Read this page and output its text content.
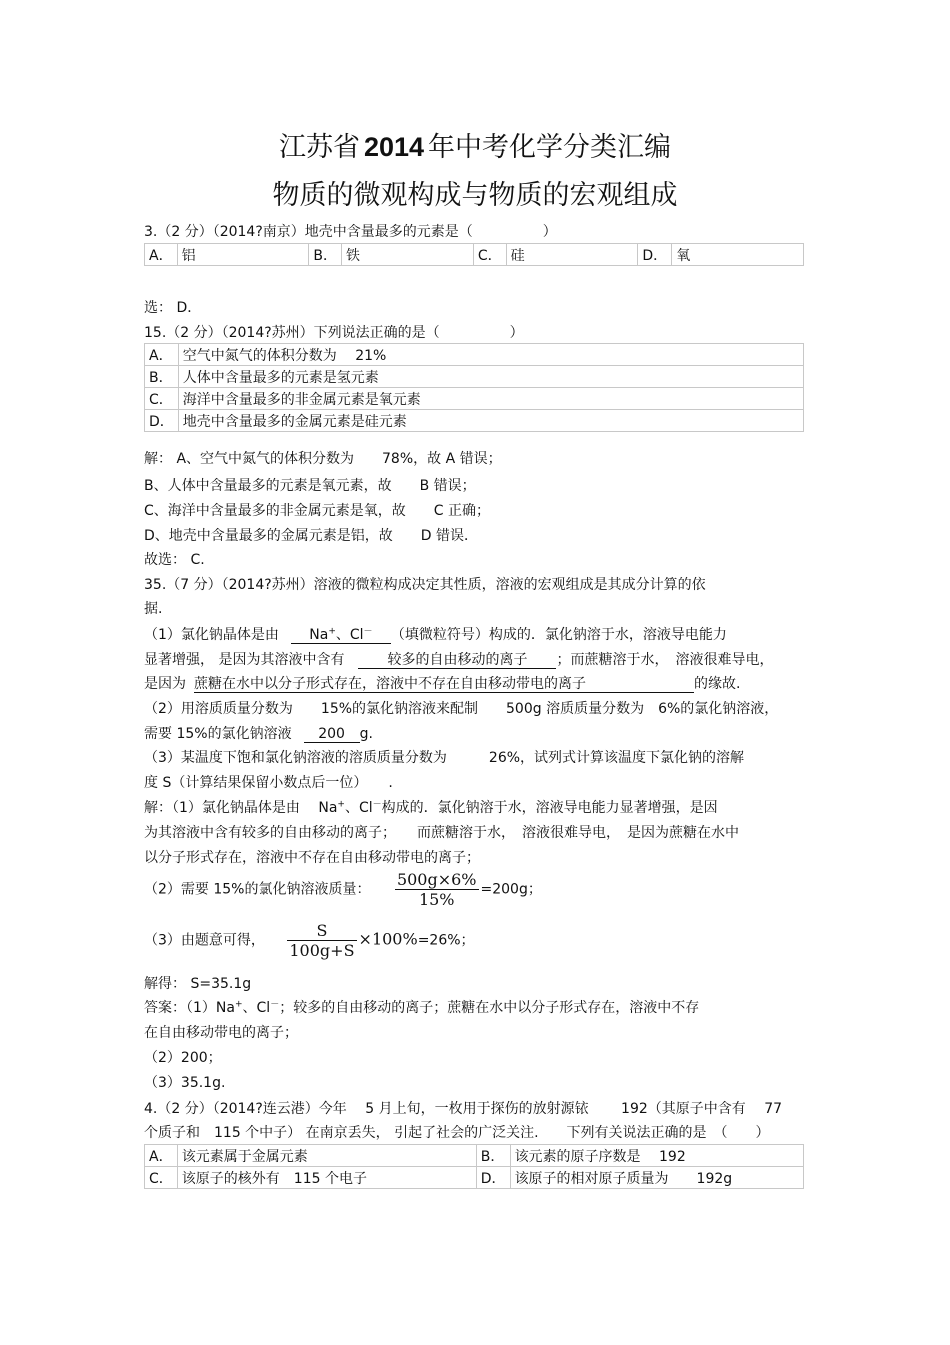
江苏省 2014 年中考化学分类汇编
物质的微观构成与物质的宏观组成
3.（2 分）（2014?南京）地壳中含量最多的元素是（　　　　　）
A．	铝	B．	铁	C．	硅	D．	氧
选： D．
15.（2 分）（2014?苏州）下列说法正确的是（　　　　　）
A．	空气中氮气的体积分数为　 21%
B．	人体中含量最多的元素是氢元素
C．	海洋中含量最多的非金属元素是氧元素
D．	地壳中含量最多的金属元素是硅元素
解： A、空气中氮气的体积分数为　　78%，故 A 错误；
B、人体中含量最多的元素是氧元素，故　　B 错误；
C、海洋中含量最多的非金属元素是氧，故　　C 正确；
D、地壳中含量最多的金属元素是铝，故　　D 错误．
故选： C.
35.（7 分）（2014?苏州）溶液的微粒构成决定其性质，溶液的宏观组成是其成分计算的依
据.
（1）氯化钠晶体是由 Na+、Cl－ （填微粒符号）构成的．氯化钠溶于水，溶液导电能力
显著增强， 是因为其溶液中含有	较多的自由移动的离子 ；而蔗糖溶于水，　溶液很难导电，
是因为 蔗糖在水中以分子形式存在，溶液中不存在自由移动带电的离子	的缘故.
（2）用溶质质量分数为　　15%的氯化钠溶液来配制　　500g 溶质质量分数为　6%的氯化钠溶液，
需要 15%的氯化钠溶液 200 g.
（3）某温度下饱和氯化钠溶液的溶质质量分数为　　　26%，试列式计算该温度下氯化钠的溶解
度 S（计算结果保留小数点后一位）　　.
解：（1）氯化钠晶体是由　 Na+、Cl－构成的．氯化钠溶于水，溶液导电能力显著增强，是因
为其溶液中含有较多的自由移动的离子；　　而蔗糖溶于水，　溶液很难导电，　是因为蔗糖在水中
以分子形式存在，溶液中不存在自由移动带电的离子；
（2）需要 15%的氯化钠溶液质量： $\frac{500g\times 6\%}{15\%} =200g$；
（3）由题意可得， $\frac{S}{100g+S} \times 100\%=26\%$；
解得： S=35.1g
答案：（1）Na+、Cl－；较多的自由移动的离子；蔗糖在水中以分子形式存在，溶液中不存
在自由移动带电的离子；
（2）200；
（3）35.1g.
4.（2 分）（2014?连云港）今年　 5 月上旬，一枚用于探伤的放射源铱　　 192（其原子中含有　 77
个质子和　115 个中子） 在南京丢失， 引起了社会的广泛关注.　　下列有关说法正确的是　（　　）
A．	该元素属于金属元素	B．	该元素的原子序数是　 192
C．	该原子的核外有　115 个电子	D．	该原子的相对原子质量为　　192g
